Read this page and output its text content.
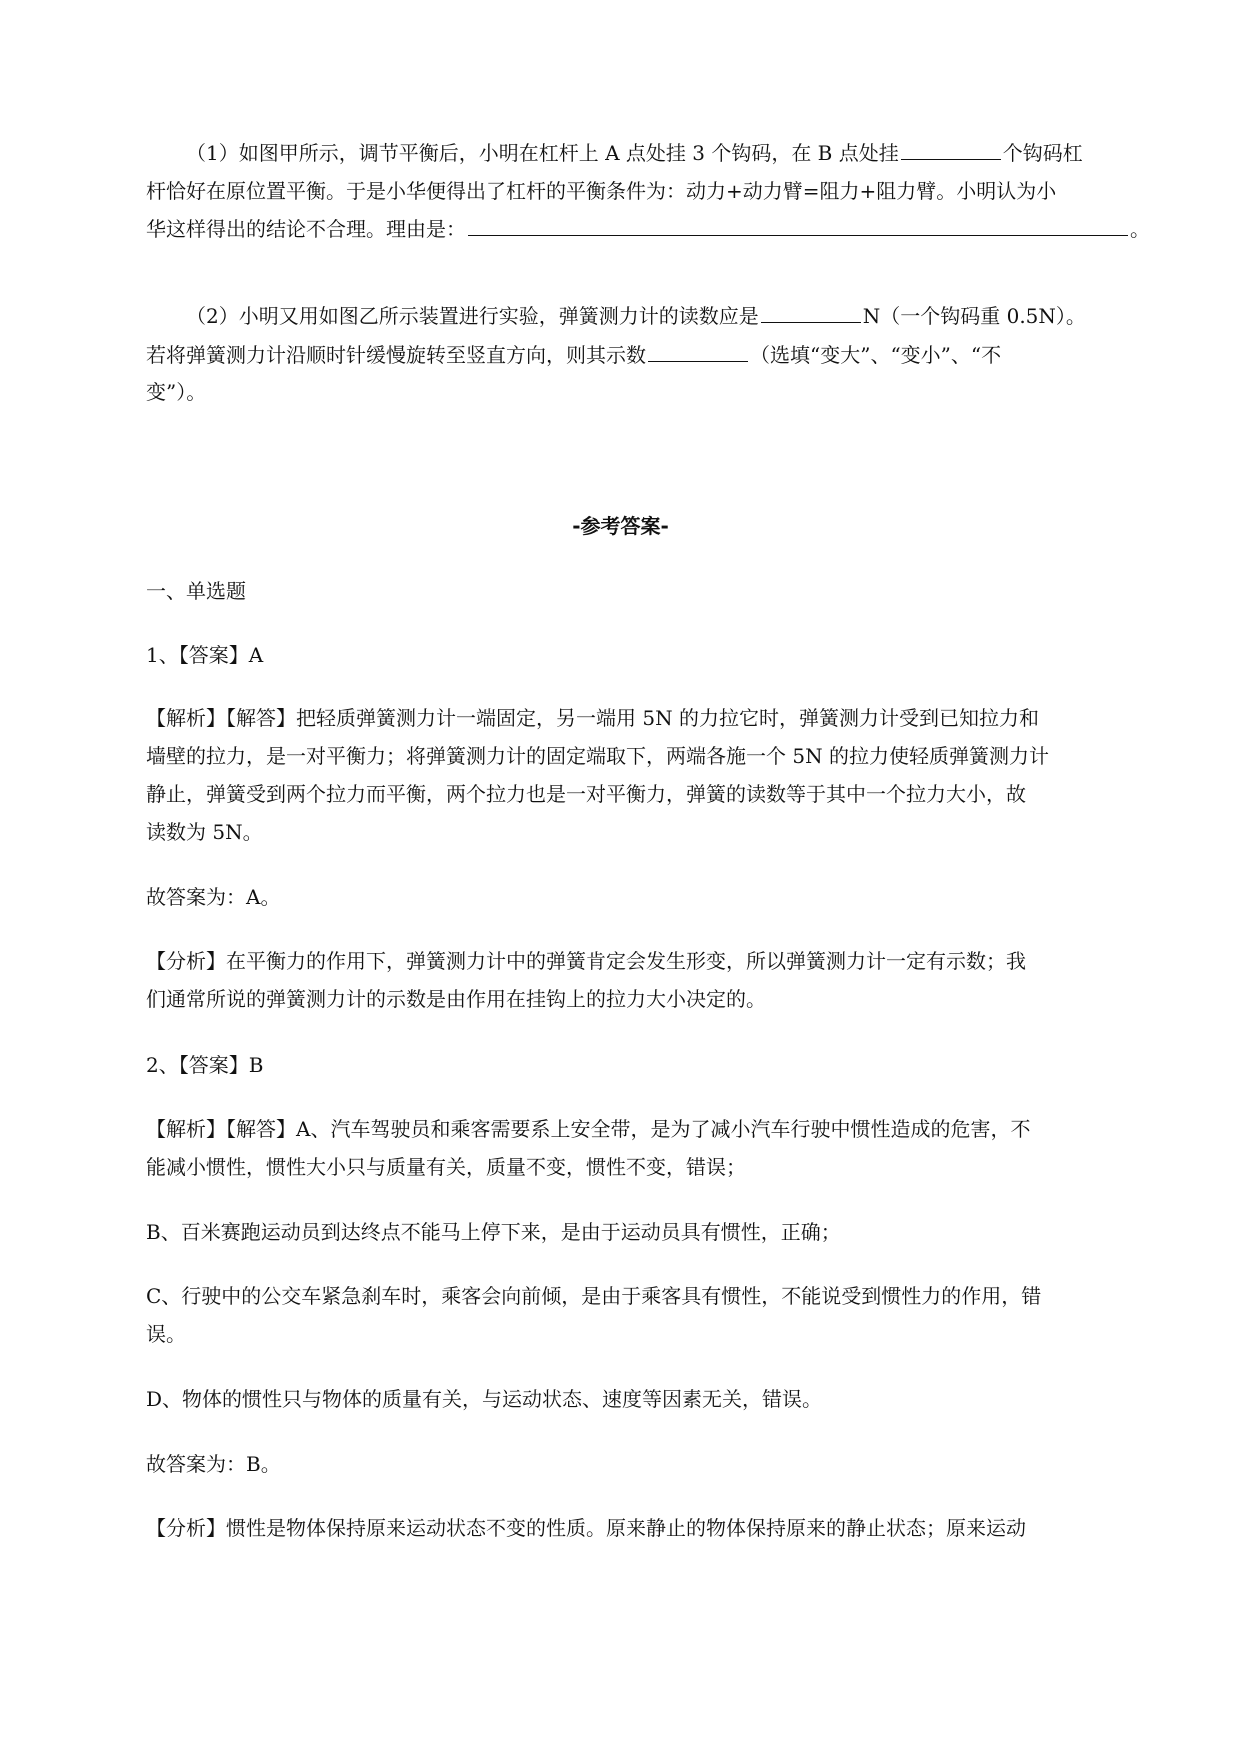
（1）如图甲所示，调节平衡后，小明在杠杆上 A 点处挂 3 个钩码，在 B 点处挂	个钩码杠
杆恰好在原位置平衡。于是小华便得出了杠杆的平衡条件为：动力+动力臂=阻力+阻力臂。小明认为小
华这样得出的结论不合理。理由是：	。
（2）小明又用如图乙所示装置进行实验，弹簧测力计的读数应是	N（一个钩码重 0.5N）。
若将弹簧测力计沿顺时针缓慢旋转至竖直方向，则其示数	（选填“变大”、“变小”、“不
变”）。
-参考答案-
一、单选题
1、【答案】A
【解析】【解答】把轻质弹簧测力计一端固定，另一端用 5N 的力拉它时，弹簧测力计受到已知拉力和
墙壁的拉力，是一对平衡力；将弹簧测力计的固定端取下，两端各施一个 5N 的拉力使轻质弹簧测力计
静止，弹簧受到两个拉力而平衡，两个拉力也是一对平衡力，弹簧的读数等于其中一个拉力大小，故
读数为 5N。
故答案为：A。
【分析】在平衡力的作用下，弹簧测力计中的弹簧肯定会发生形变，所以弹簧测力计一定有示数；我
们通常所说的弹簧测力计的示数是由作用在挂钩上的拉力大小决定的。
2、【答案】B
【解析】【解答】A、汽车驾驶员和乘客需要系上安全带，是为了减小汽车行驶中惯性造成的危害，不
能减小惯性，惯性大小只与质量有关，质量不变，惯性不变，错误；
B、百米赛跑运动员到达终点不能马上停下来，是由于运动员具有惯性，正确；
C、行驶中的公交车紧急刹车时，乘客会向前倾，是由于乘客具有惯性，不能说受到惯性力的作用，错
误。
D、物体的惯性只与物体的质量有关，与运动状态、速度等因素无关，错误。
故答案为：B。
【分析】惯性是物体保持原来运动状态不变的性质。原来静止的物体保持原来的静止状态；原来运动
